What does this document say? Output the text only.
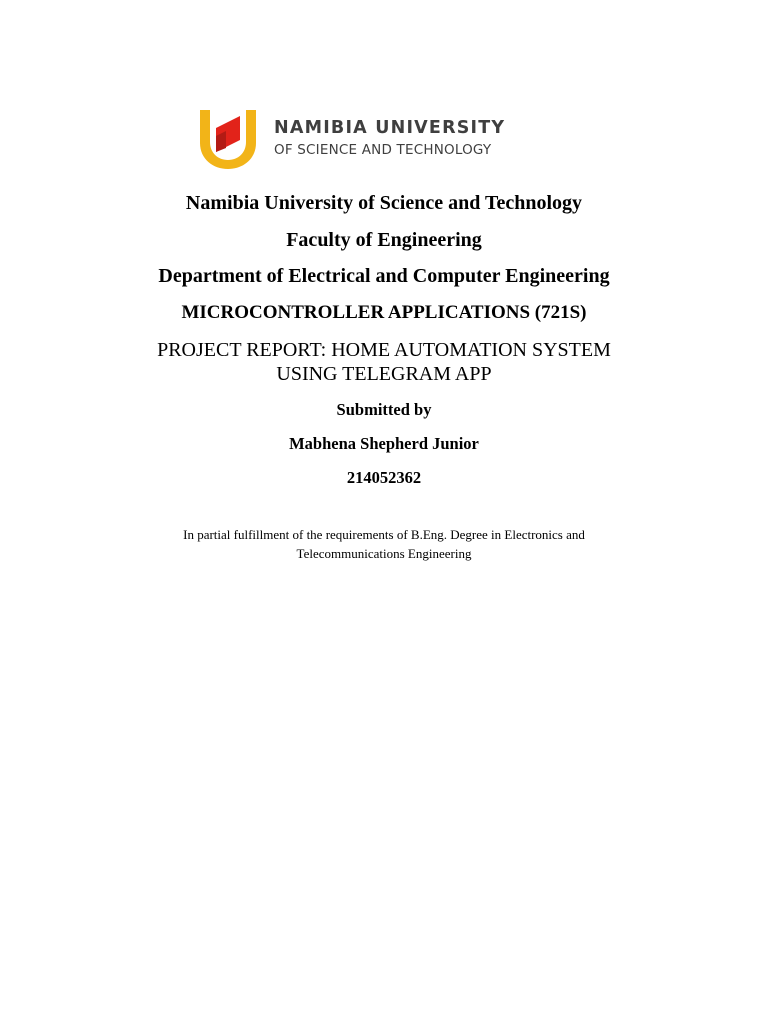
NAMIBIA UNIVERSITY
OF SCIENCE AND TECHNOLOGY
Namibia University of Science and Technology
Faculty of Engineering
Department of Electrical and Computer Engineering
MICROCONTROLLER APPLICATIONS (721S)
PROJECT REPORT: HOME AUTOMATION SYSTEM
USING TELEGRAM APP
Submitted by
Mabhena Shepherd Junior
214052362
In partial fulfillment of the requirements of B.Eng. Degree in Electronics and
Telecommunications Engineering
